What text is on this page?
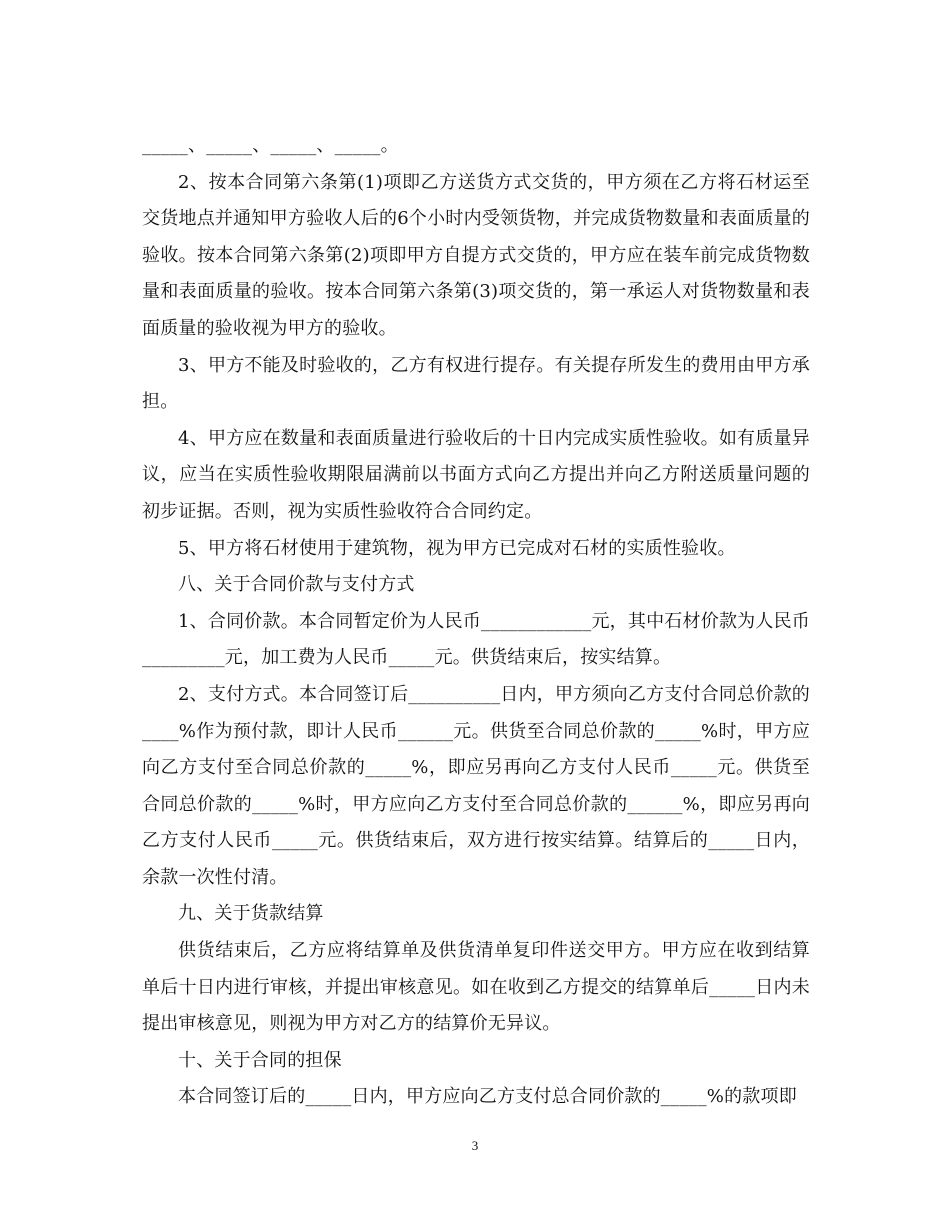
_____、_____、_____、_____。

2、按本合同第六条第(1)项即乙方送货方式交货的，甲方须在乙方将石材运至交货地点并通知甲方验收人后的6个小时内受领货物，并完成货物数量和表面质量的验收。按本合同第六条第(2)项即甲方自提方式交货的，甲方应在装车前完成货物数量和表面质量的验收。按本合同第六条第(3)项交货的，第一承运人对货物数量和表面质量的验收视为甲方的验收。

3、甲方不能及时验收的，乙方有权进行提存。有关提存所发生的费用由甲方承担。

4、甲方应在数量和表面质量进行验收后的十日内完成实质性验收。如有质量异议，应当在实质性验收期限届满前以书面方式向乙方提出并向乙方附送质量问题的初步证据。否则，视为实质性验收符合合同约定。

5、甲方将石材使用于建筑物，视为甲方已完成对石材的实质性验收。

八、关于合同价款与支付方式

1、合同价款。本合同暂定价为人民币____________元，其中石材价款为人民币_________元，加工费为人民币_____元。供货结束后，按实结算。

2、支付方式。本合同签订后__________日内，甲方须向乙方支付合同总价款的____%作为预付款，即计人民币______元。供货至合同总价款的_____%时，甲方应向乙方支付至合同总价款的_____%，即应另再向乙方支付人民币_____元。供货至合同总价款的_____%时，甲方应向乙方支付至合同总价款的______%，即应另再向乙方支付人民币_____元。供货结束后，双方进行按实结算。结算后的_____日内，余款一次性付清。

九、关于货款结算

供货结束后，乙方应将结算单及供货清单复印件送交甲方。甲方应在收到结算单后十日内进行审核，并提出审核意见。如在收到乙方提交的结算单后_____日内未提出审核意见，则视为甲方对乙方的结算价无异议。

十、关于合同的担保

本合同签订后的_____日内，甲方应向乙方支付总合同价款的_____%的款项即

3
